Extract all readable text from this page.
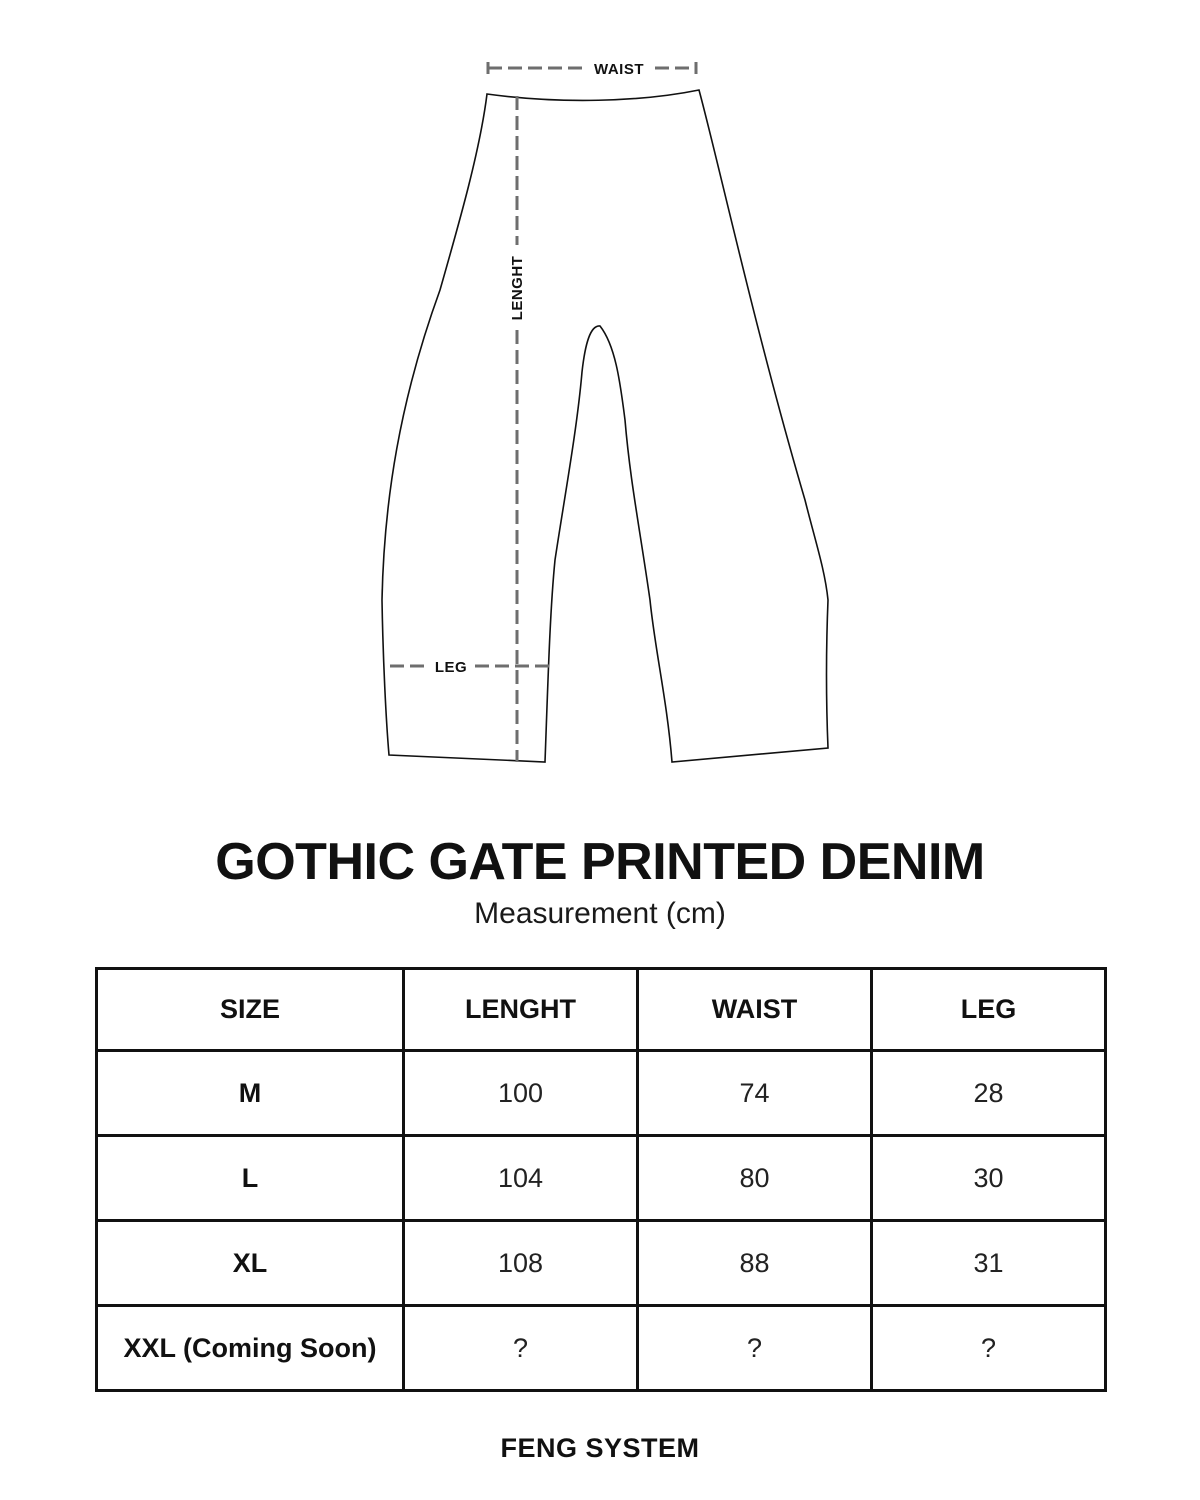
WAIST
LENGHT
LEG
GOTHIC GATE PRINTED DENIM

Measurement (cm)

SIZE	LENGHT	WAIST	LEG
M	100	74	28
L	104	80	30
XL	108	88	31
XXL (Coming Soon)	?	?	?
FENG SYSTEM
